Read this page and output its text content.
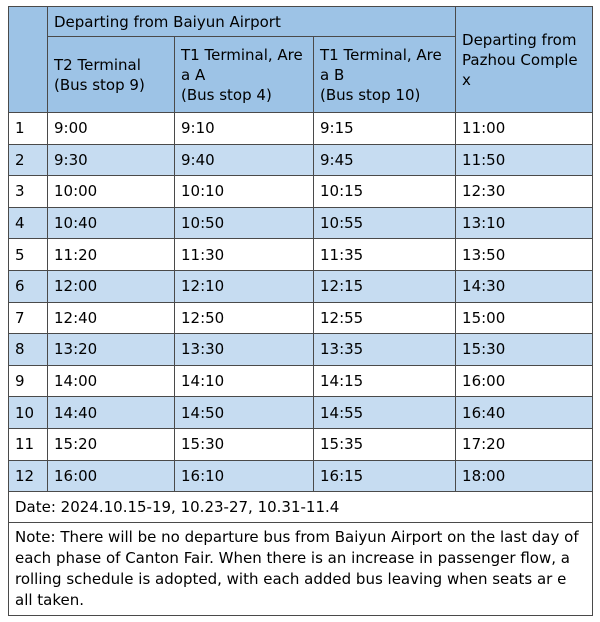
	Departing from Baiyun Airport			Departing from Pazhou Comple
x
	T2 Terminal
(Bus stop 9)	T1 Terminal, Are
a A
(Bus stop 4)	T1 Terminal, Are
a B
(Bus stop 10)	
1	9:00	9:10	9:15	11:00
2	9:30	9:40	9:45	11:50
3	10:00	10:10	10:15	12:30
4	10:40	10:50	10:55	13:10
5	11:20	11:30	11:35	13:50
6	12:00	12:10	12:15	14:30
7	12:40	12:50	12:55	15:00
8	13:20	13:30	13:35	15:30
9	14:00	14:10	14:15	16:00
10	14:40	14:50	14:55	16:40
11	15:20	15:30	15:35	17:20
12	16:00	16:10	16:15	18:00
Date: 2024.10.15-19, 10.23-27, 10.31-11.4				
Note: There will be no departure bus from Baiyun Airport on the last day of each phase of Canton Fair. When there is an increase in passenger flow, a rolling schedule is adopted, with each added bus leaving when seats ar e all taken.				
